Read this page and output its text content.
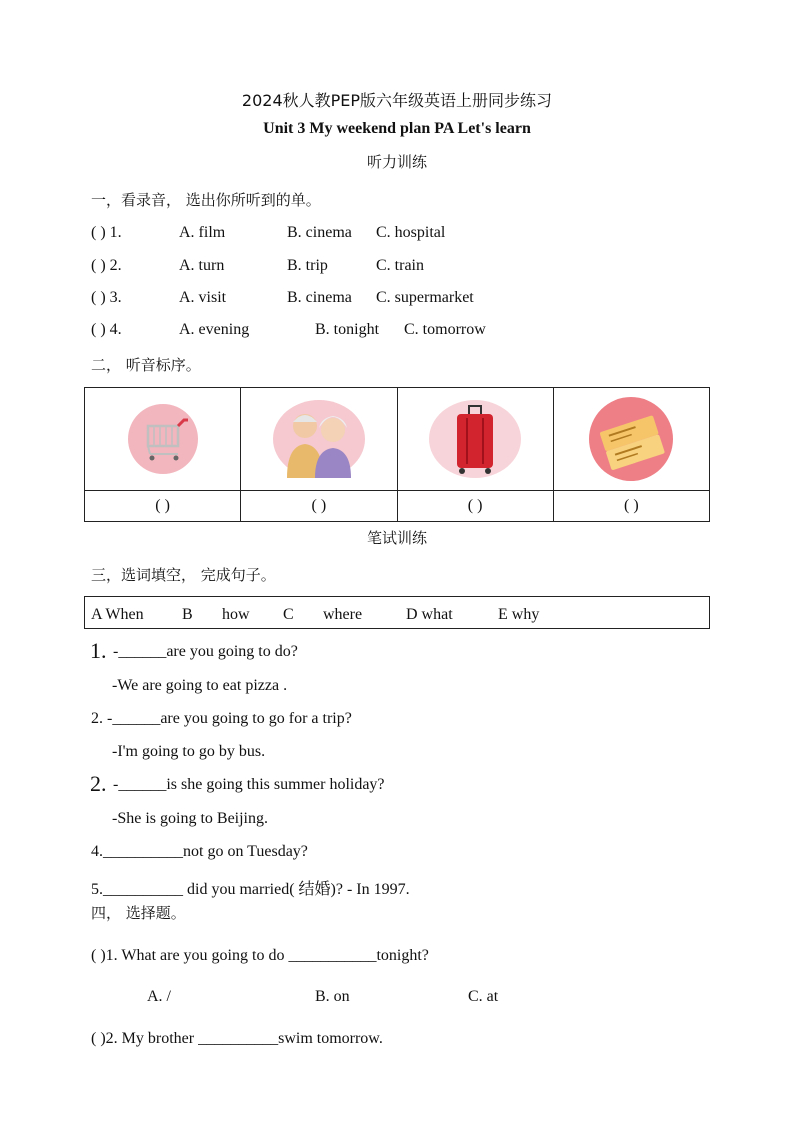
2024秋人教PEP版六年级英语上册同步练习
Unit 3 My weekend plan PA Let's learn
听力训练
一，看录音， 选出你所听到的单。
( ) 1.	A. film	B. cinema C. hospital
( ) 2.	A. turn	B. trip	C. train
( ) 3.	A. visit	B. cinema C. supermarket
( ) 4.	A. evening	B. tonight C. tomorrow
二， 听音标序。

( )	( )	( )	( )
笔试训练
三，选词填空， 完成句子。
A When B how C where	D what	E why
1. -______are you going to do?
-We are going to eat pizza .
2. -______are you going to go for a trip?
-I'm going to go by bus.
2. -______is she going this summer holiday?
-She is going to Beijing.
4.__________not go on Tuesday?
5.__________ did you married( 结婚)? - In 1997.
四， 选择题。
( )1. What are you going to do ___________tonight?
A. /	B. on	C. at
( )2. My brother __________swim tomorrow.
